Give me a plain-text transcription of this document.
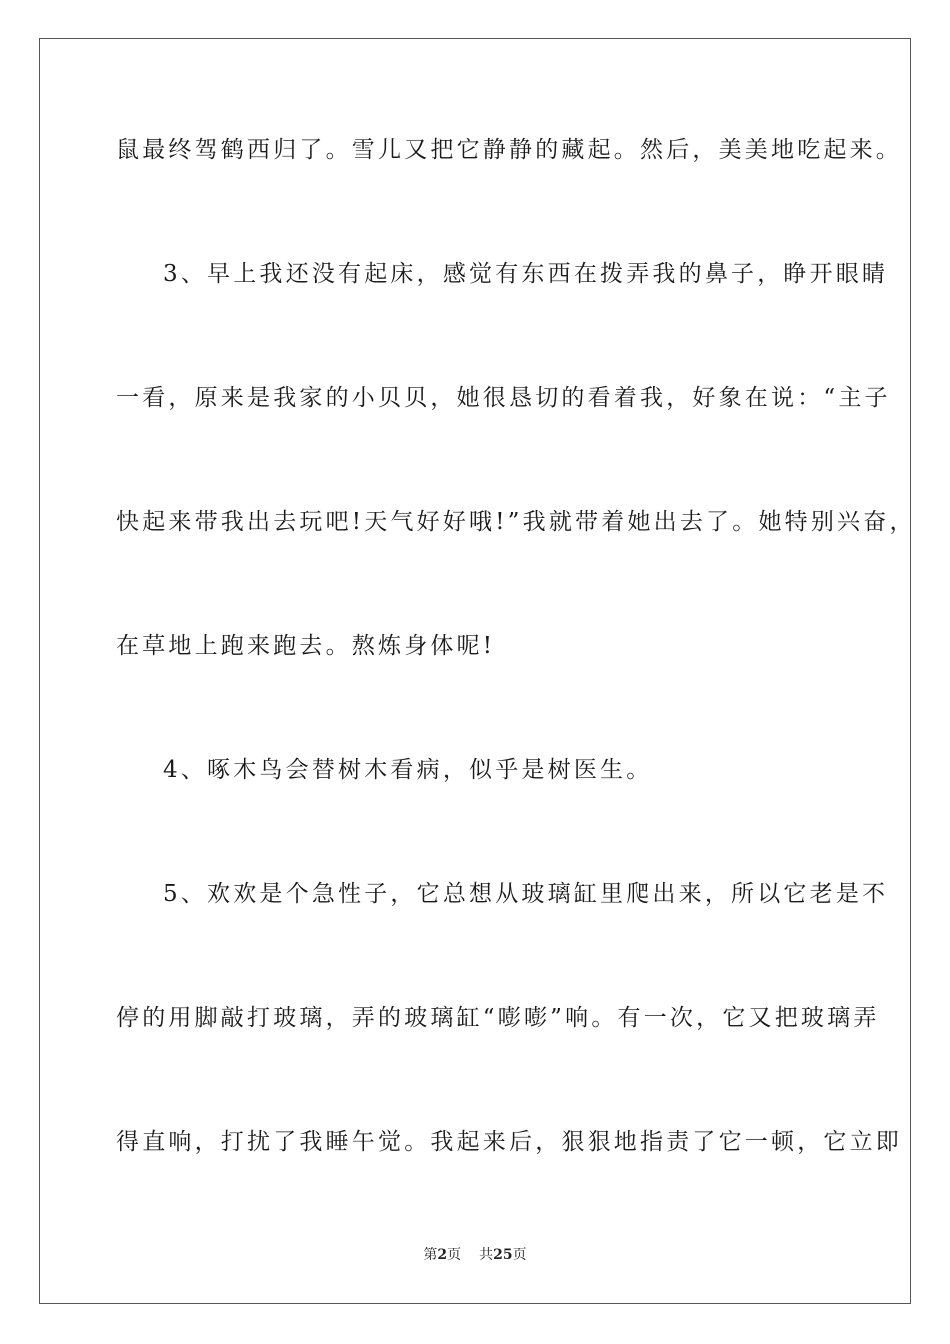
鼠最终驾鹤西归了。雪儿又把它静静的藏起。然后，美美地吃起来。
3、早上我还没有起床，感觉有东西在拨弄我的鼻子，睁开眼睛
一看，原来是我家的小贝贝，她很恳切的看着我，好象在说：“主子
快起来带我出去玩吧!天气好好哦!”我就带着她出去了。她特别兴奋，
在草地上跑来跑去。熬炼身体呢!
4、啄木鸟会替树木看病，似乎是树医生。
5、欢欢是个急性子，它总想从玻璃缸里爬出来，所以它老是不
停的用脚敲打玻璃，弄的玻璃缸“嘭嘭”响。有一次，它又把玻璃弄
得直响，打扰了我睡午觉。我起来后，狠狠地指责了它一顿，它立即
第2页 共25页
